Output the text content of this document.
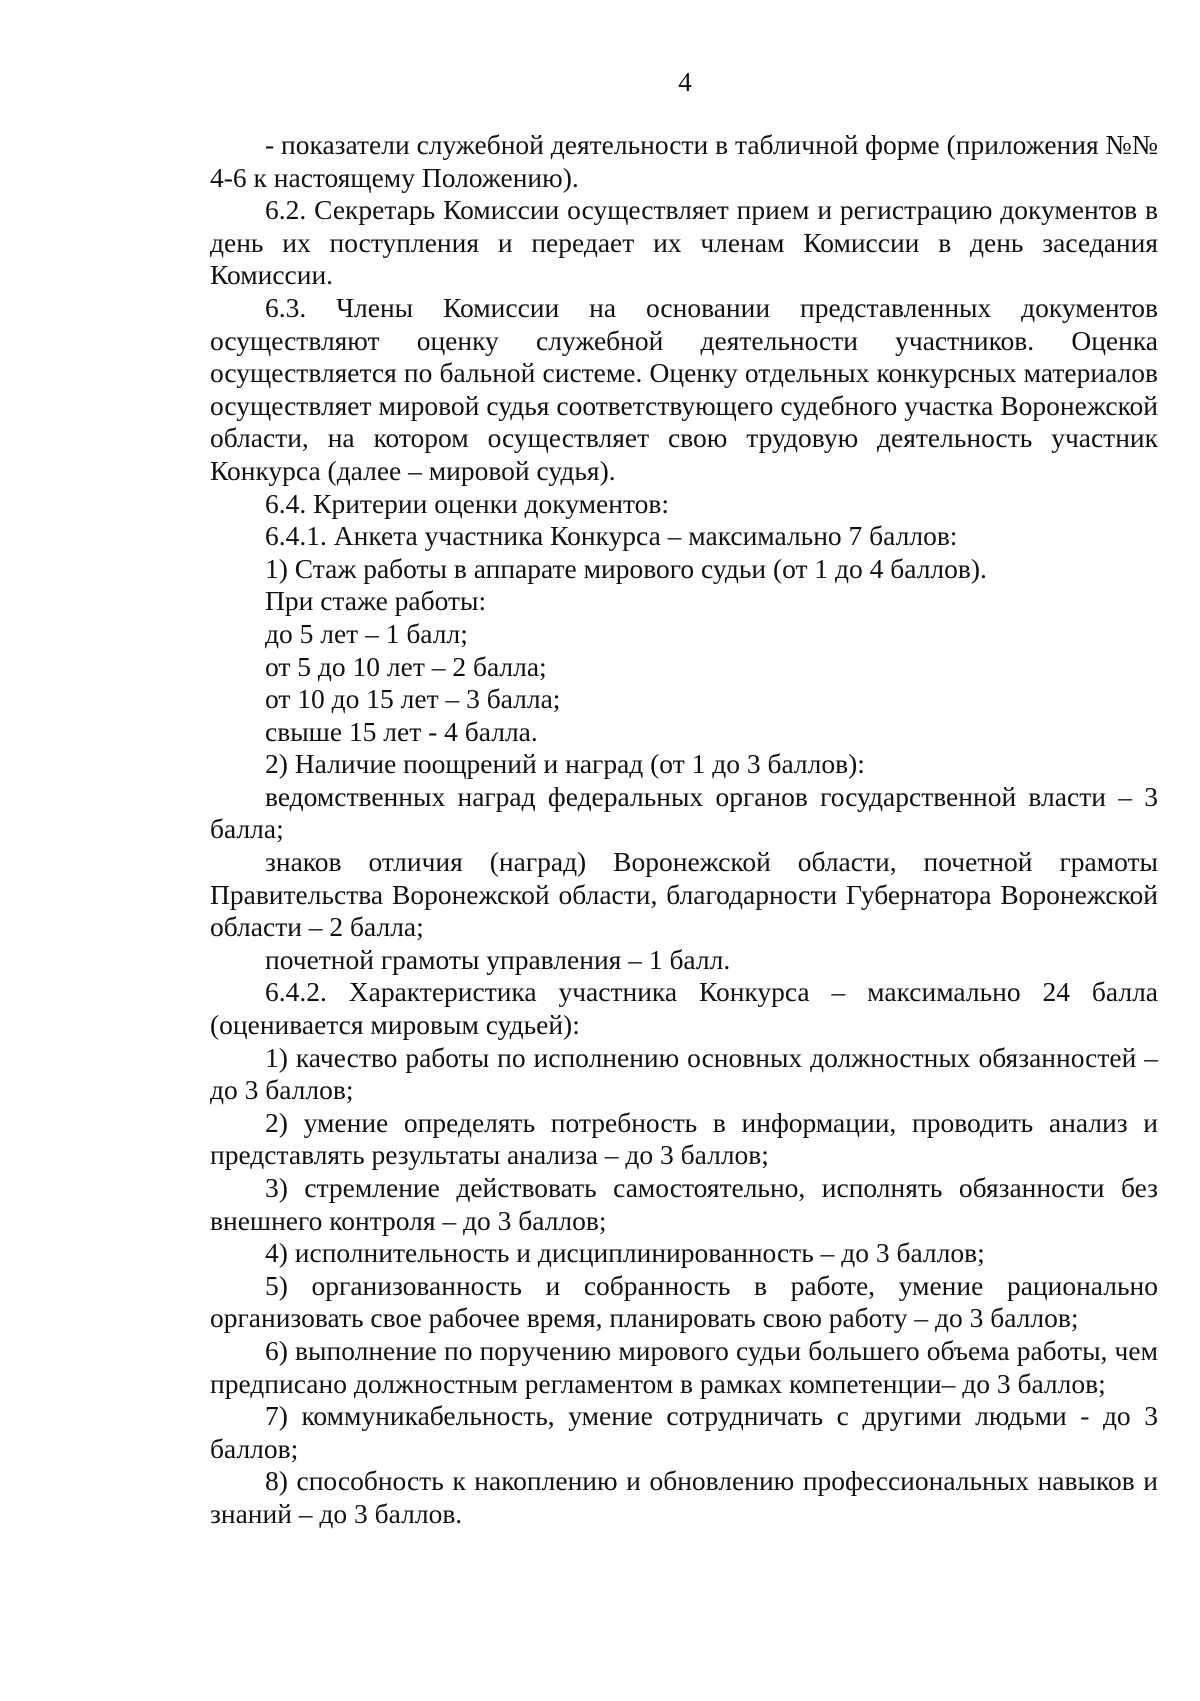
4

- показатели служебной деятельности в табличной форме (приложения №№ 4-6 к настоящему Положению).

6.2. Секретарь Комиссии осуществляет прием и регистрацию документов в день их поступления и передает их членам Комиссии в день заседания Комиссии.

6.3. Члены Комиссии на основании представленных документов осуществляют оценку служебной деятельности участников. Оценка осуществляется по бальной системе. Оценку отдельных конкурсных материалов осуществляет мировой судья соответствующего судебного участка Воронежской области, на котором осуществляет свою трудовую деятельность участник Конкурса (далее – мировой судья).

6.4. Критерии оценки документов:

6.4.1. Анкета участника Конкурса – максимально 7 баллов:

1) Стаж работы в аппарате мирового судьи (от 1 до 4 баллов).

При стаже работы:

до 5 лет – 1 балл;

от 5 до 10 лет – 2 балла;

от 10 до 15 лет – 3 балла;

свыше 15 лет - 4 балла.

2) Наличие поощрений и наград (от 1 до 3 баллов):

ведомственных наград федеральных органов государственной власти – 3 балла;

знаков отличия (наград) Воронежской области, почетной грамоты Правительства Воронежской области, благодарности Губернатора Воронежской области – 2 балла;

почетной грамоты управления – 1 балл.

6.4.2. Характеристика участника Конкурса – максимально 24 балла (оценивается мировым судьей):

1) качество работы по исполнению основных должностных обязанностей – до 3 баллов;

2) умение определять потребность в информации, проводить анализ и представлять результаты анализа – до 3 баллов;

3) стремление действовать самостоятельно, исполнять обязанности без внешнего контроля – до 3 баллов;

4) исполнительность и дисциплинированность – до 3 баллов;

5) организованность и собранность в работе, умение рационально организовать свое рабочее время, планировать свою работу – до 3 баллов;

6) выполнение по поручению мирового судьи большего объема работы, чем предписано должностным регламентом в рамках компетенции– до 3 баллов;

7) коммуникабельность, умение сотрудничать с другими людьми - до 3 баллов;

8) способность к накоплению и обновлению профессиональных навыков и знаний – до 3 баллов.
